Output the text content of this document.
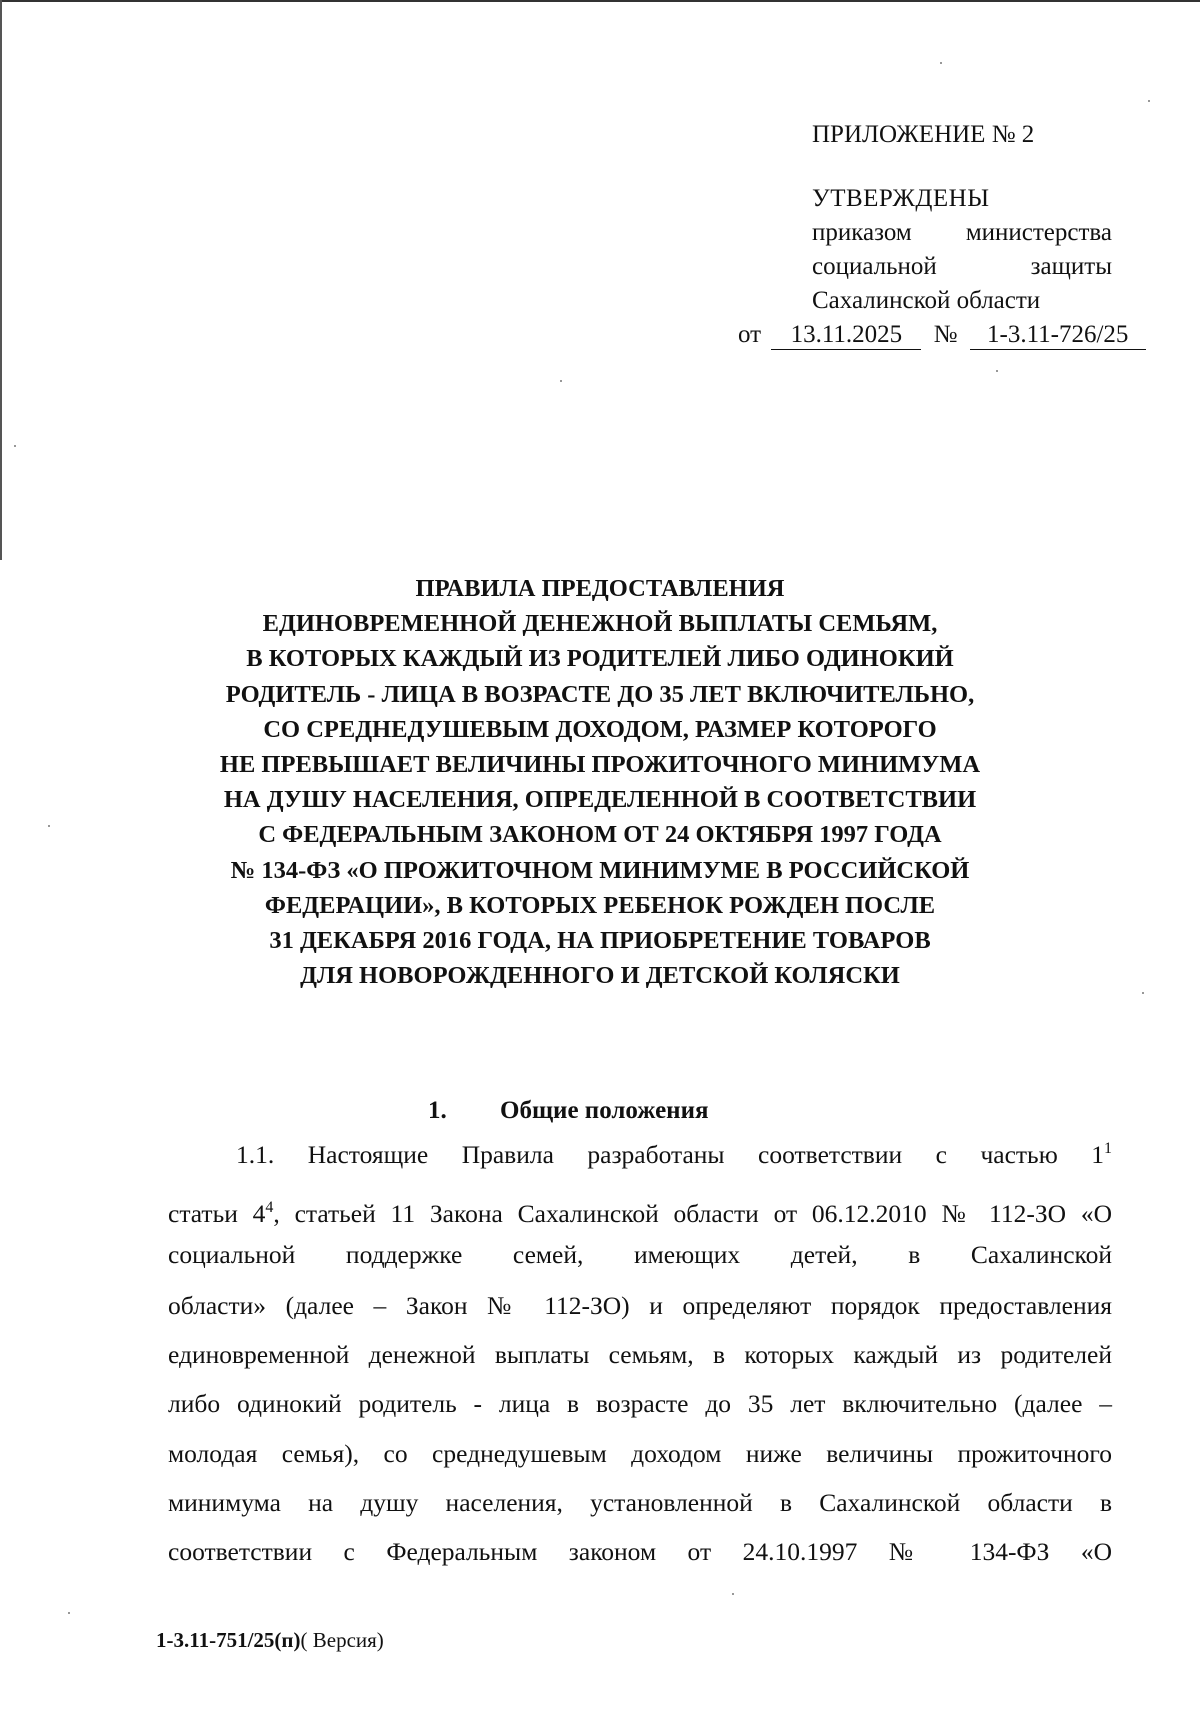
ПРИЛОЖЕНИЕ № 2
УТВЕРЖДЕНЫ
приказом министерства
социальной защиты
Сахалинской области
от 13.11.2025 № 1-3.11-726/25
ПРАВИЛА ПРЕДОСТАВЛЕНИЯ
ЕДИНОВРЕМЕННОЙ ДЕНЕЖНОЙ ВЫПЛАТЫ СЕМЬЯМ,
В КОТОРЫХ КАЖДЫЙ ИЗ РОДИТЕЛЕЙ ЛИБО ОДИНОКИЙ
РОДИТЕЛЬ - ЛИЦА В ВОЗРАСТЕ ДО 35 ЛЕТ ВКЛЮЧИТЕЛЬНО,
СО СРЕДНЕДУШЕВЫМ ДОХОДОМ, РАЗМЕР КОТОРОГО
НЕ ПРЕВЫШАЕТ ВЕЛИЧИНЫ ПРОЖИТОЧНОГО МИНИМУМА
НА ДУШУ НАСЕЛЕНИЯ, ОПРЕДЕЛЕННОЙ В СООТВЕТСТВИИ
С ФЕДЕРАЛЬНЫМ ЗАКОНОМ ОТ 24 ОКТЯБРЯ 1997 ГОДА
№ 134-ФЗ «О ПРОЖИТОЧНОМ МИНИМУМЕ В РОССИЙСКОЙ
ФЕДЕРАЦИИ», В КОТОРЫХ РЕБЕНОК РОЖДЕН ПОСЛЕ
31 ДЕКАБРЯ 2016 ГОДА, НА ПРИОБРЕТЕНИЕ ТОВАРОВ
ДЛЯ НОВОРОЖДЕННОГО И ДЕТСКОЙ КОЛЯСКИ
1. Общие положения
1.1. Настоящие Правила разработаны соответствии с частью $1^1$
статьи $4^4$, статьей 11 Закона Сахалинской области от 06.12.2010 № 112-ЗО «О
социальной поддержке семей, имеющих детей, в Сахалинской
области» (далее – Закон № 112-ЗО) и определяют порядок предоставления
единовременной денежной выплаты семьям, в которых каждый из родителей
либо одинокий родитель - лица в возрасте до 35 лет включительно (далее –
молодая семья), со среднедушевым доходом ниже величины прожиточного
минимума на душу населения, установленной в Сахалинской области в
соответствии с Федеральным законом от 24.10.1997 № 134-ФЗ «О
1-3.11-751/25(п)( Версия)
